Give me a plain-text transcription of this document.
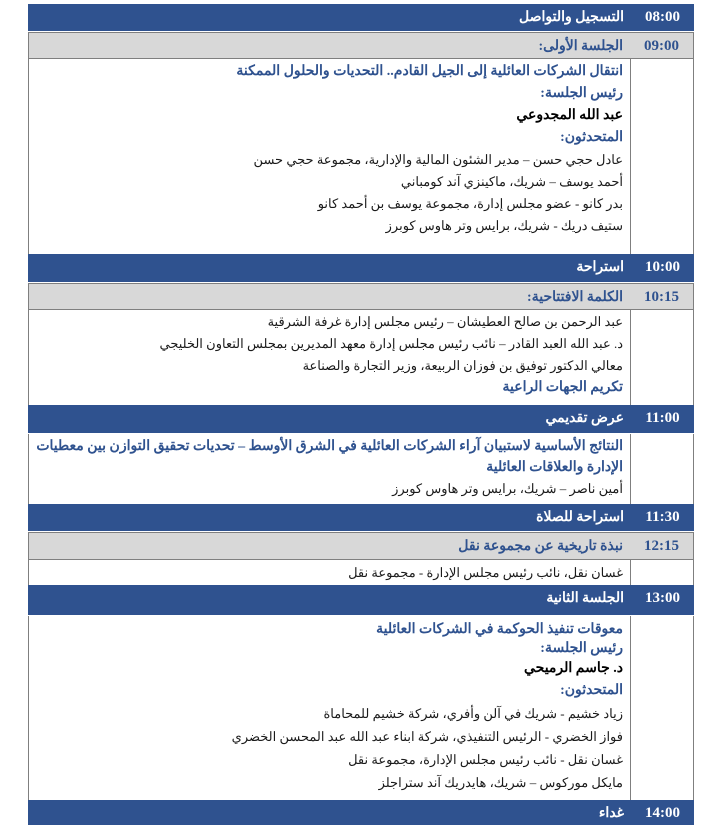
08:00
التسجيل والتواصل
09:00
الجلسة الأولى:
انتقال الشركات العائلية إلى الجيل القادم.. التحديات والحلول الممكنة
رئيس الجلسة:
عبد الله المجدوعي
المتحدثون:
عادل حجي حسن – مدير الشئون المالية والإدارية، مجموعة حجي حسن
أحمد يوسف – شريك، ماكينزي آند كومباني
بدر كانو - عضو مجلس إدارة، مجموعة يوسف بن أحمد كانو
ستيف دريك - شريك، برايس وتر هاوس كوبرز
10:00
استراحة
10:15
الكلمة الافتتاحية:
عبد الرحمن بن صالح العطيشان – رئيس مجلس إدارة غرفة الشرقية
د. عبد الله العبد القادر – نائب رئيس مجلس إدارة معهد المديرين بمجلس التعاون الخليجي
معالي الدكتور توفيق بن فوزان الربيعة، وزير التجارة والصناعة
تكريم الجهات الراعية
11:00
عرض تقديمي
النتائج الأساسية لاستبيان آراء الشركات العائلية في الشرق الأوسط – تحديات تحقيق التوازن بين معطيات الإدارة والعلاقات العائلية
أمين ناصر – شريك، برايس وتر هاوس كوبرز
11:30
استراحة للصلاة
12:15
نبذة تاريخية عن مجموعة نقل
غسان نقل، نائب رئيس مجلس الإدارة - مجموعة نقل
13:00
الجلسة الثانية
معوقات تنفيذ الحوكمة في الشركات العائلية
رئيس الجلسة:
د. جاسم الرميحي
المتحدثون:
زياد خشيم - شريك في آلن وأفري، شركة خشيم للمحاماة
فواز الخضري - الرئيس التنفيذي، شركة ابناء عبد الله عبد المحسن الخضري
غسان نقل - نائب رئيس مجلس الإدارة، مجموعة نقل
مايكل موركوس – شريك، هايدريك آند ستراجلز
14:00
غداء
